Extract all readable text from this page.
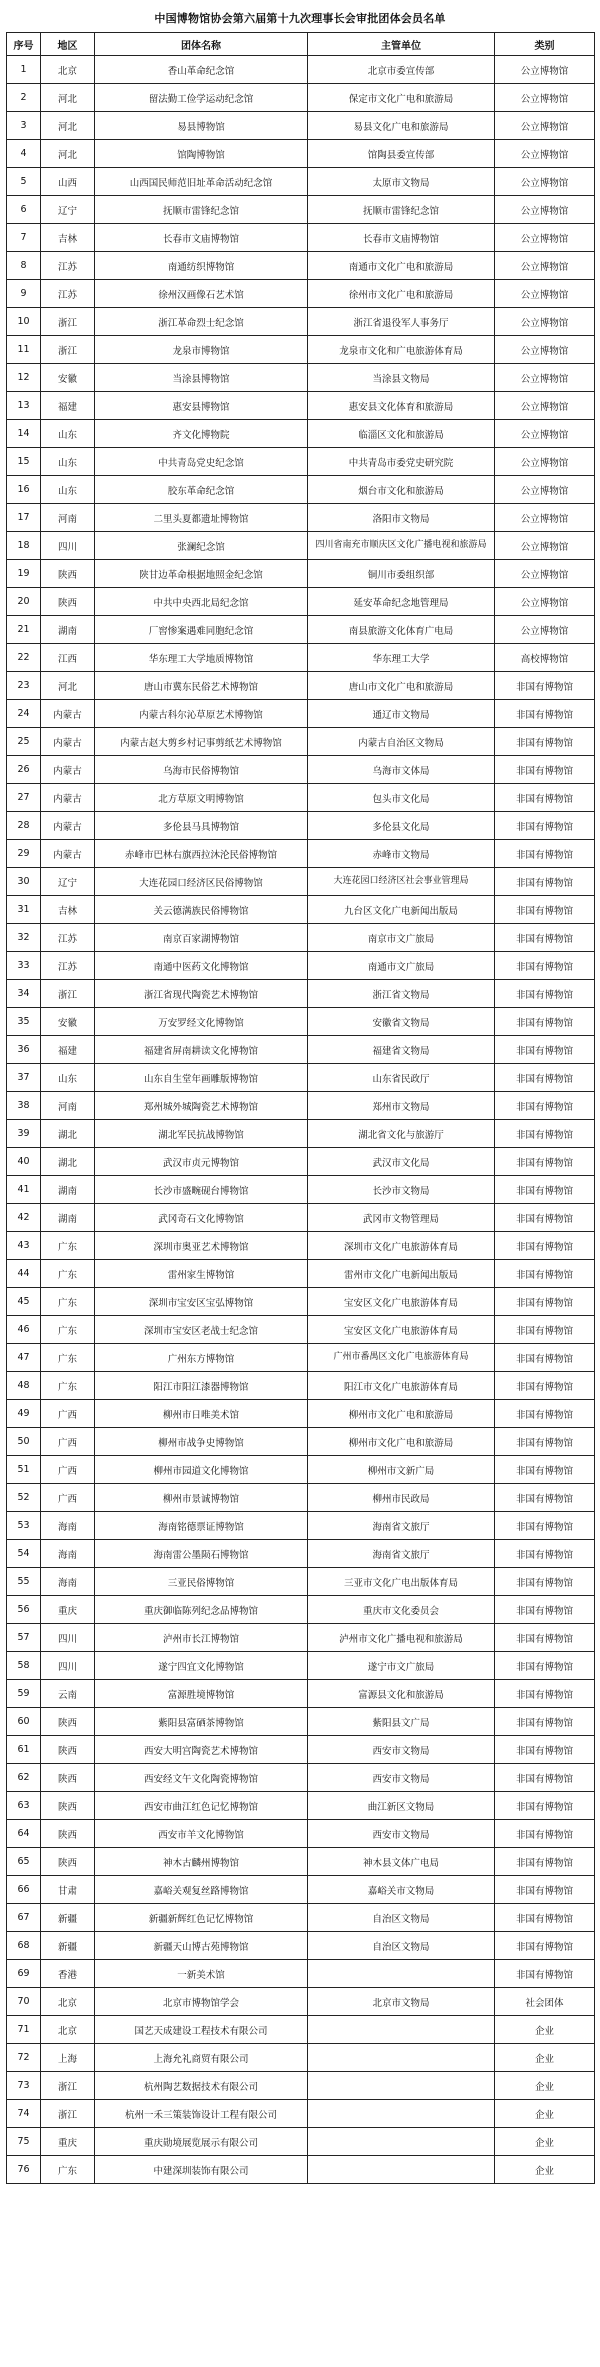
中国博物馆协会第六届第十九次理事长会审批团体会员名单
序号	地区	团体名称	主管单位	类别
1	北京	香山革命纪念馆	北京市委宣传部	公立博物馆
2	河北	留法勤工俭学运动纪念馆	保定市文化广电和旅游局	公立博物馆
3	河北	易县博物馆	易县文化广电和旅游局	公立博物馆
4	河北	馆陶博物馆	馆陶县委宣传部	公立博物馆
5	山西	山西国民师范旧址革命活动纪念馆	太原市文物局	公立博物馆
6	辽宁	抚顺市雷锋纪念馆	抚顺市雷锋纪念馆	公立博物馆
7	吉林	长春市文庙博物馆	长春市文庙博物馆	公立博物馆
8	江苏	南通纺织博物馆	南通市文化广电和旅游局	公立博物馆
9	江苏	徐州汉画像石艺术馆	徐州市文化广电和旅游局	公立博物馆
10	浙江	浙江革命烈士纪念馆	浙江省退役军人事务厅	公立博物馆
11	浙江	龙泉市博物馆	龙泉市文化和广电旅游体育局	公立博物馆
12	安徽	当涂县博物馆	当涂县文物局	公立博物馆
13	福建	惠安县博物馆	惠安县文化体育和旅游局	公立博物馆
14	山东	齐文化博物院	临淄区文化和旅游局	公立博物馆
15	山东	中共青岛党史纪念馆	中共青岛市委党史研究院	公立博物馆
16	山东	胶东革命纪念馆	烟台市文化和旅游局	公立博物馆
17	河南	二里头夏都遗址博物馆	洛阳市文物局	公立博物馆
18	四川	张澜纪念馆	四川省南充市顺庆区文化广播电视和旅游局	公立博物馆
19	陕西	陕甘边革命根据地照金纪念馆	铜川市委组织部	公立博物馆
20	陕西	中共中央西北局纪念馆	延安革命纪念地管理局	公立博物馆
21	湖南	厂窖惨案遇难同胞纪念馆	南县旅游文化体育广电局	公立博物馆
22	江西	华东理工大学地质博物馆	华东理工大学	高校博物馆
23	河北	唐山市冀东民俗艺术博物馆	唐山市文化广电和旅游局	非国有博物馆
24	内蒙古	内蒙古科尔沁草原艺术博物馆	通辽市文物局	非国有博物馆
25	内蒙古	内蒙古赵大剪乡村记事剪纸艺术博物馆	内蒙古自治区文物局	非国有博物馆
26	内蒙古	乌海市民俗博物馆	乌海市文体局	非国有博物馆
27	内蒙古	北方草原文明博物馆	包头市文化局	非国有博物馆
28	内蒙古	多伦县马具博物馆	多伦县文化局	非国有博物馆
29	内蒙古	赤峰市巴林右旗西拉沐沦民俗博物馆	赤峰市文物局	非国有博物馆
30	辽宁	大连花园口经济区民俗博物馆	大连花园口经济区社会事业管理局	非国有博物馆
31	吉林	关云德满族民俗博物馆	九台区文化广电新闻出版局	非国有博物馆
32	江苏	南京百家湖博物馆	南京市文广旅局	非国有博物馆
33	江苏	南通中医药文化博物馆	南通市文广旅局	非国有博物馆
34	浙江	浙江省现代陶瓷艺术博物馆	浙江省文物局	非国有博物馆
35	安徽	万安罗经文化博物馆	安徽省文物局	非国有博物馆
36	福建	福建省屏南耕读文化博物馆	福建省文物局	非国有博物馆
37	山东	山东自生堂年画雕版博物馆	山东省民政厅	非国有博物馆
38	河南	郑州城外城陶瓷艺术博物馆	郑州市文物局	非国有博物馆
39	湖北	湖北军民抗战博物馆	湖北省文化与旅游厅	非国有博物馆
40	湖北	武汉市贞元博物馆	武汉市文化局	非国有博物馆
41	湖南	长沙市盛畹砚台博物馆	长沙市文物局	非国有博物馆
42	湖南	武冈奇石文化博物馆	武冈市文物管理局	非国有博物馆
43	广东	深圳市奥亚艺术博物馆	深圳市文化广电旅游体育局	非国有博物馆
44	广东	雷州家生博物馆	雷州市文化广电新闻出版局	非国有博物馆
45	广东	深圳市宝安区宝弘博物馆	宝安区文化广电旅游体育局	非国有博物馆
46	广东	深圳市宝安区老战士纪念馆	宝安区文化广电旅游体育局	非国有博物馆
47	广东	广州东方博物馆	广州市番禺区文化广电旅游体育局	非国有博物馆
48	广东	阳江市阳江漆器博物馆	阳江市文化广电旅游体育局	非国有博物馆
49	广西	柳州市日唯美术馆	柳州市文化广电和旅游局	非国有博物馆
50	广西	柳州市战争史博物馆	柳州市文化广电和旅游局	非国有博物馆
51	广西	柳州市园道文化博物馆	柳州市文新广局	非国有博物馆
52	广西	柳州市景诚博物馆	柳州市民政局	非国有博物馆
53	海南	海南铭德票证博物馆	海南省文旅厅	非国有博物馆
54	海南	海南雷公墨陨石博物馆	海南省文旅厅	非国有博物馆
55	海南	三亚民俗博物馆	三亚市文化广电出版体育局	非国有博物馆
56	重庆	重庆御临陈列纪念品博物馆	重庆市文化委员会	非国有博物馆
57	四川	泸州市长江博物馆	泸州市文化广播电视和旅游局	非国有博物馆
58	四川	遂宁四宜文化博物馆	遂宁市文广旅局	非国有博物馆
59	云南	富源胜境博物馆	富源县文化和旅游局	非国有博物馆
60	陕西	紫阳县富硒茶博物馆	紫阳县文广局	非国有博物馆
61	陕西	西安大明宫陶瓷艺术博物馆	西安市文物局	非国有博物馆
62	陕西	西安经文午文化陶瓷博物馆	西安市文物局	非国有博物馆
63	陕西	西安市曲江红色记忆博物馆	曲江新区文物局	非国有博物馆
64	陕西	西安市羊文化博物馆	西安市文物局	非国有博物馆
65	陕西	神木古麟州博物馆	神木县文体广电局	非国有博物馆
66	甘肃	嘉峪关观复丝路博物馆	嘉峪关市文物局	非国有博物馆
67	新疆	新疆新辉红色记忆博物馆	自治区文物局	非国有博物馆
68	新疆	新疆天山博古苑博物馆	自治区文物局	非国有博物馆
69	香港	一新美术馆		非国有博物馆
70	北京	北京市博物馆学会	北京市文物局	社会团体
71	北京	国艺天成建设工程技术有限公司		企业
72	上海	上海允礼商贸有限公司		企业
73	浙江	杭州陶艺数据技术有限公司		企业
74	浙江	杭州一禾三策装饰设计工程有限公司		企业
75	重庆	重庆勋境展览展示有限公司		企业
76	广东	中建深圳装饰有限公司		企业
